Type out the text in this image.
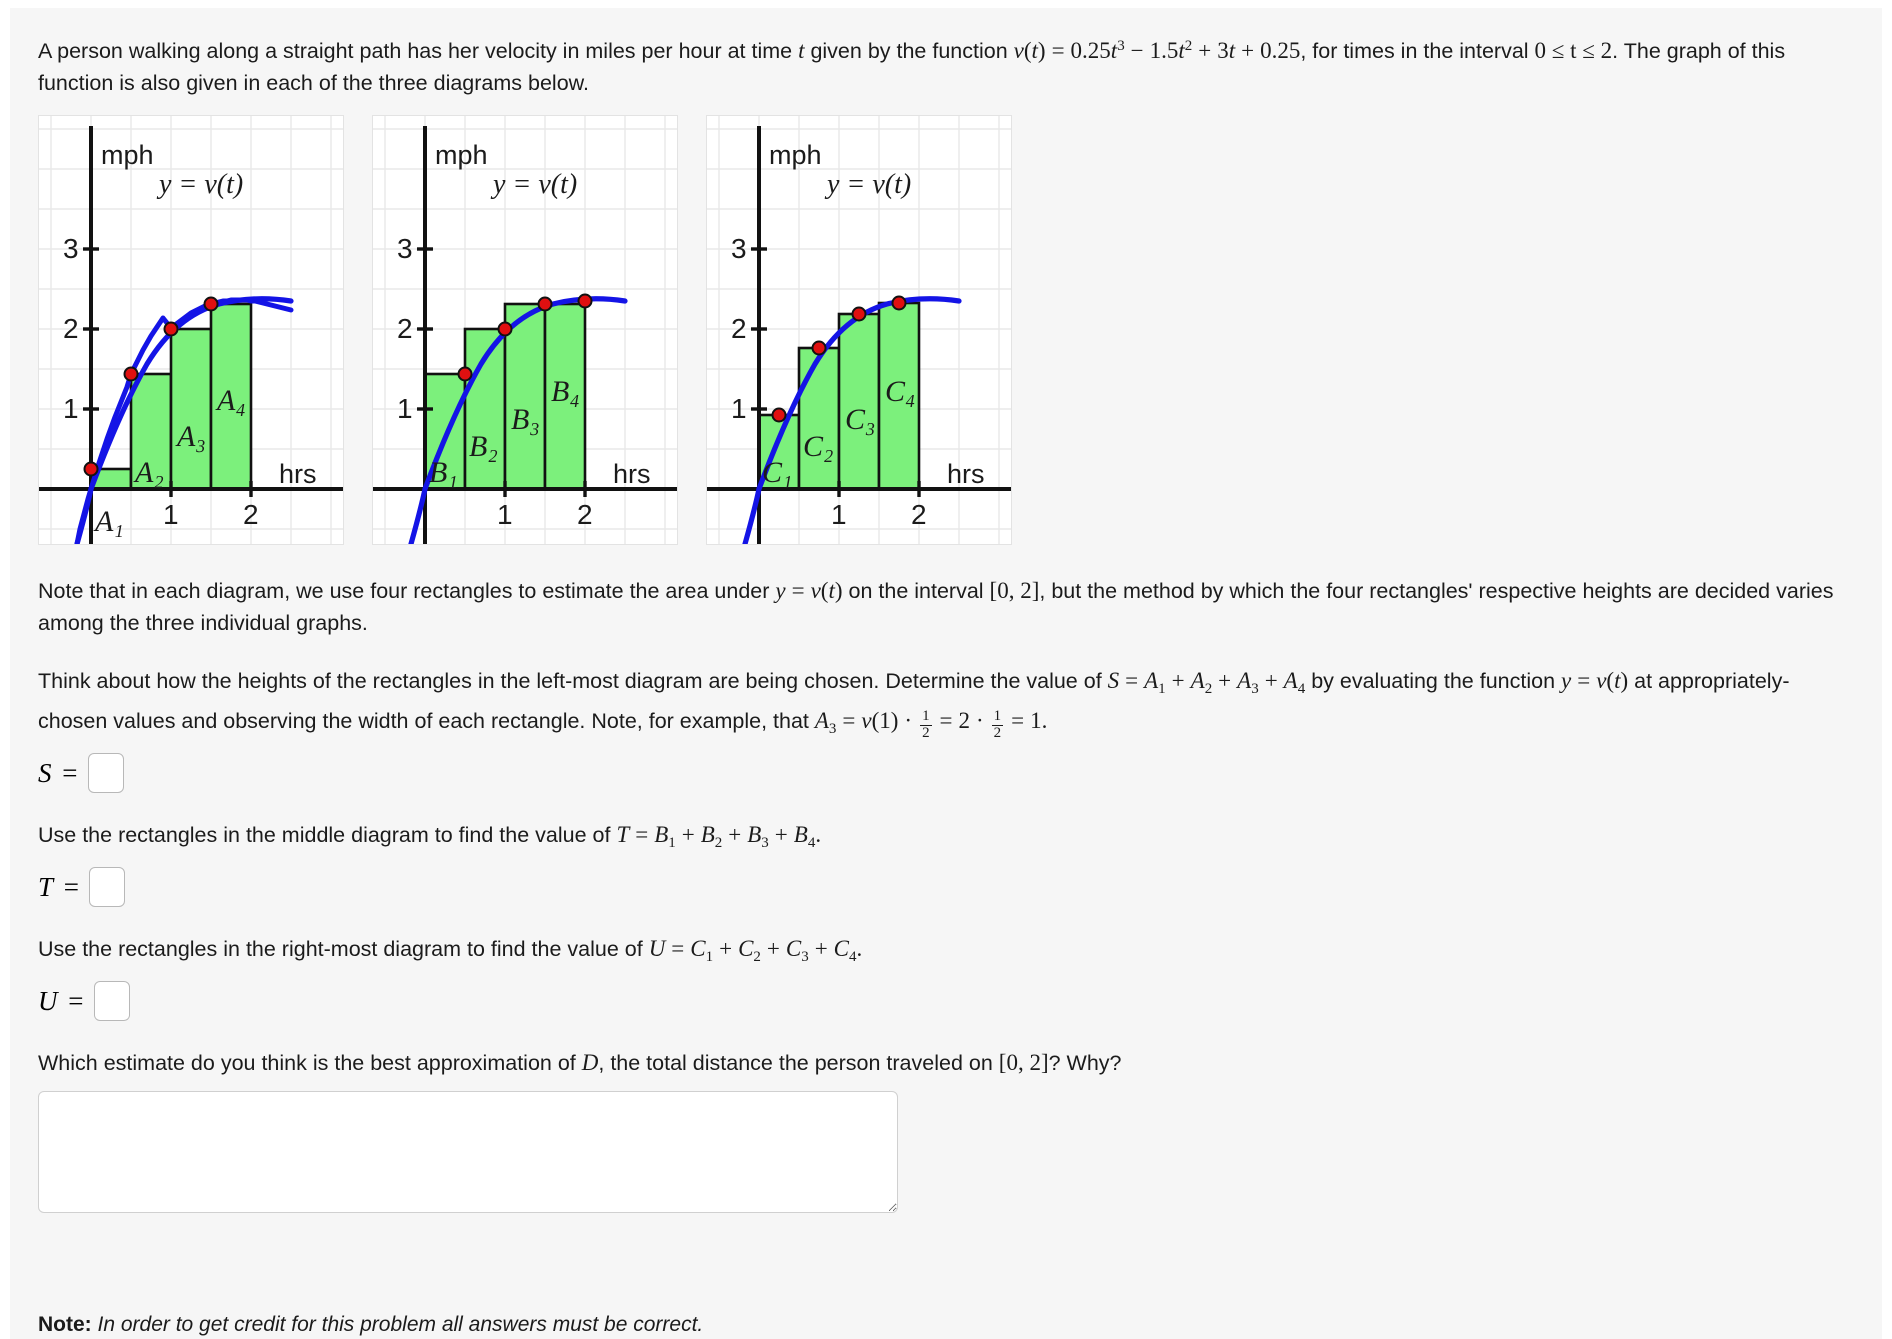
A person walking along a straight path has her velocity in miles per hour at time t given by the function $v(t) = 0.25t^3 - 1.5t^2 + 3t + 0.25$, for times in the interval 0 ≤ t ≤ 2. The graph of this function is also given in each of the three diagrams below.

mph
hrs
y = v(t)
1
2
3
1 2
A₁
A₂
A₃
A₄
mph
hrs
y = v(t)
1
2
3
1 2
B₁
B₂
B₃
B₄
mph
hrs
y = v(t)
1
2
3
1 2
C₁
C₂
C₃
C₄

Note that in each diagram, we use four rectangles to estimate the area under y = v(t) on the interval [0, 2], but the method by which the four rectangles' respective heights are decided varies among the three individual graphs.

Think about how the heights of the rectangles in the left-most diagram are being chosen. Determine the value of $S = A_1 + A_2 + A_3 + A_4$ by evaluating the function y = v(t) at appropriately-chosen values and observing the width of each rectangle. Note, for example, that $A_3 = v(1) \cdot \frac{1}{2} = 2 \cdot \frac{1}{2} = 1$.

S =

Use the rectangles in the middle diagram to find the value of $T = B_1 + B_2 + B_3 + B_4$.

T =

Use the rectangles in the right-most diagram to find the value of $U = C_1 + C_2 + C_3 + C_4$.

U =

Which estimate do you think is the best approximation of D, the total distance the person traveled on [0, 2]? Why?

Note: In order to get credit for this problem all answers must be correct.
